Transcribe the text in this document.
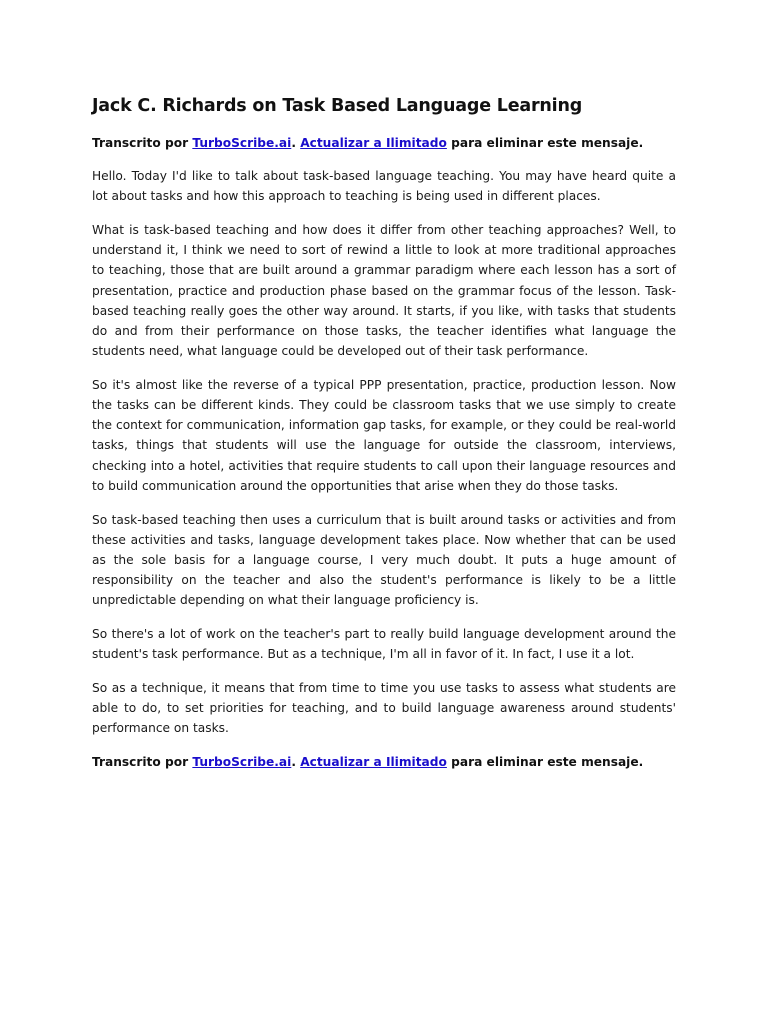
Jack C. Richards on Task Based Language Learning

Transcrito por TurboScribe.ai. Actualizar a Ilimitado para eliminar este mensaje.

Hello. Today I'd like to talk about task-based language teaching. You may have heard quite a lot about tasks and how this approach to teaching is being used in different places.

What is task-based teaching and how does it differ from other teaching approaches? Well, to understand it, I think we need to sort of rewind a little to look at more traditional approaches to teaching, those that are built around a grammar paradigm where each lesson has a sort of presentation, practice and production phase based on the grammar focus of the lesson. Task-based teaching really goes the other way around. It starts, if you like, with tasks that students do and from their performance on those tasks, the teacher identifies what language the students need, what language could be developed out of their task performance.

So it's almost like the reverse of a typical PPP presentation, practice, production lesson. Now the tasks can be different kinds. They could be classroom tasks that we use simply to create the context for communication, information gap tasks, for example, or they could be real-world tasks, things that students will use the language for outside the classroom, interviews, checking into a hotel, activities that require students to call upon their language resources and to build communication around the opportunities that arise when they do those tasks.

So task-based teaching then uses a curriculum that is built around tasks or activities and from these activities and tasks, language development takes place. Now whether that can be used as the sole basis for a language course, I very much doubt. It puts a huge amount of responsibility on the teacher and also the student's performance is likely to be a little unpredictable depending on what their language proficiency is.

So there's a lot of work on the teacher's part to really build language development around the student's task performance. But as a technique, I'm all in favor of it. In fact, I use it a lot.

So as a technique, it means that from time to time you use tasks to assess what students are able to do, to set priorities for teaching, and to build language awareness around students' performance on tasks.

Transcrito por TurboScribe.ai. Actualizar a Ilimitado para eliminar este mensaje.
